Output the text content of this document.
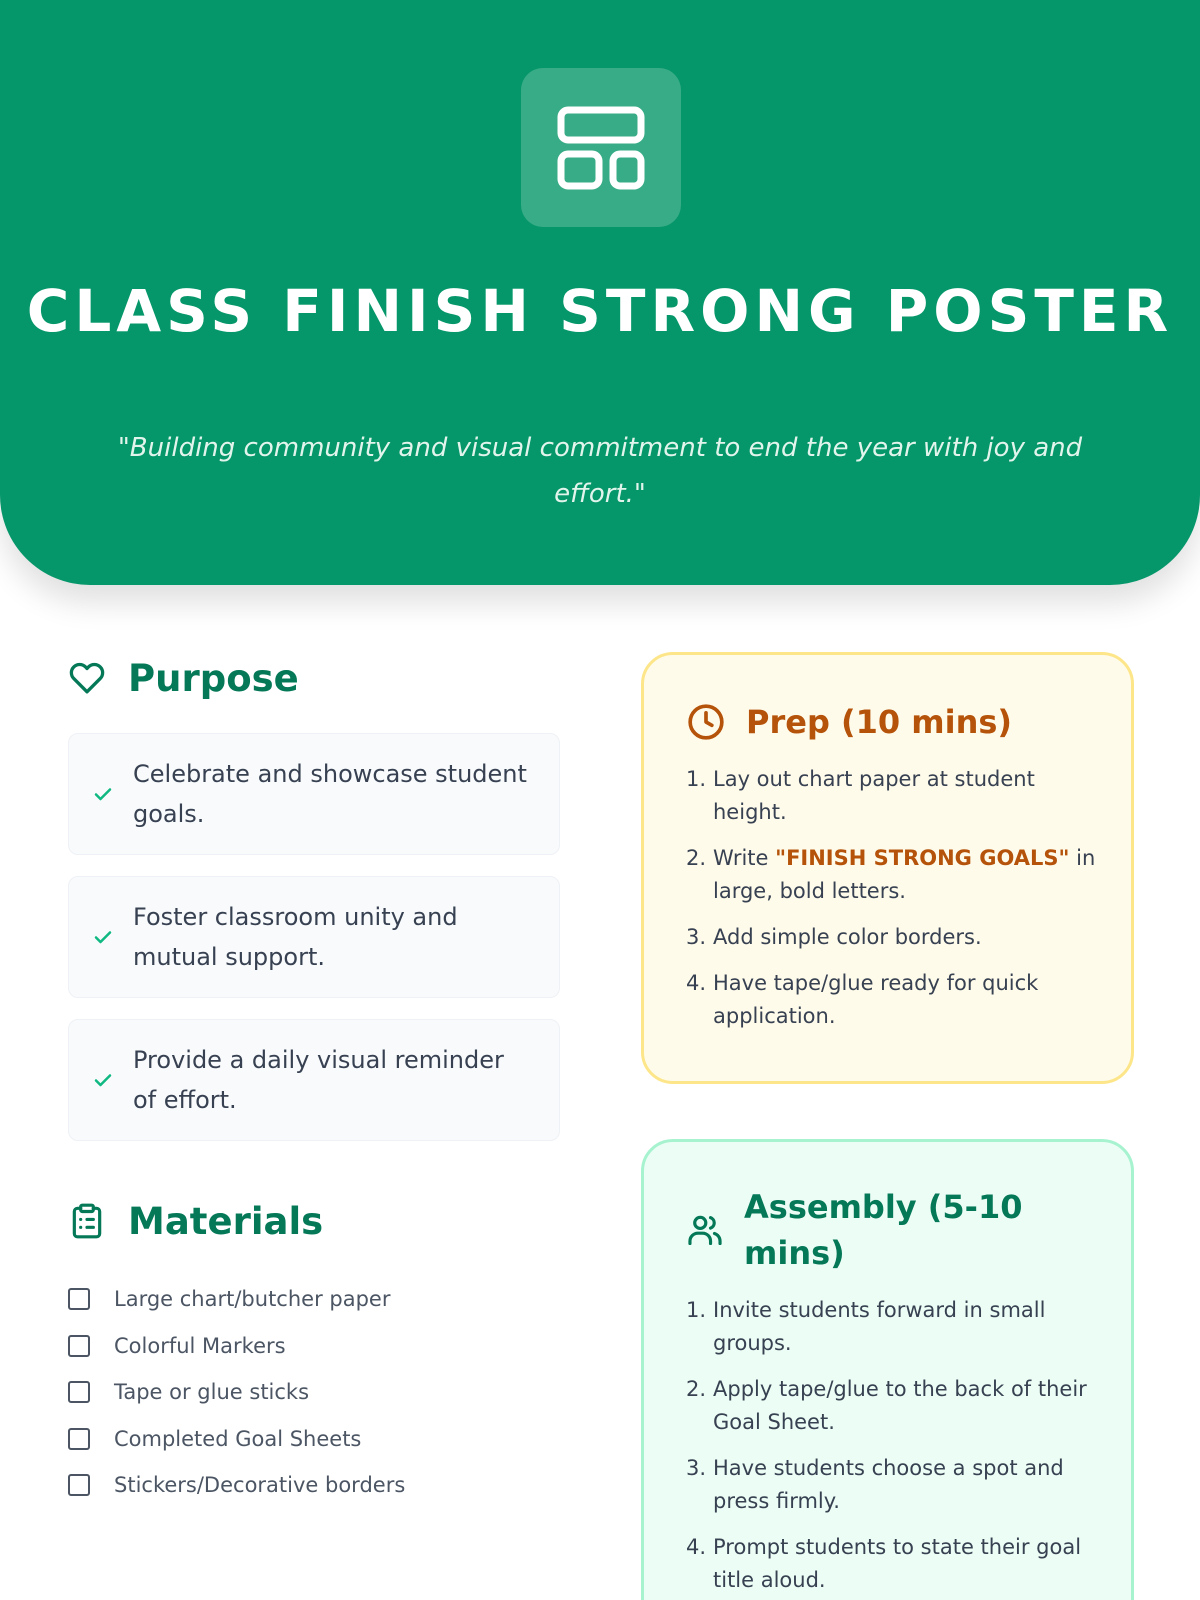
CLASS FINISH STRONG POSTER

"Building community and visual commitment to end the year with joy and effort."

Purpose
Celebrate and showcase student goals.
Foster classroom unity and mutual support.
Provide a daily visual reminder of effort.
Materials
Large chart/butcher paper
Colorful Markers
Tape or glue sticks
Completed Goal Sheets
Stickers/Decorative borders
Prep (10 mins)
1. Lay out chart paper at student height.
2. Write "FINISH STRONG GOALS" in large, bold letters.
3. Add simple color borders.
4. Have tape/glue ready for quick application.
Assembly (5-10 mins)
1. Invite students forward in small groups.
2. Apply tape/glue to the back of their Goal Sheet.
3. Have students choose a spot and press firmly.
4. Prompt students to state their goal title aloud.
